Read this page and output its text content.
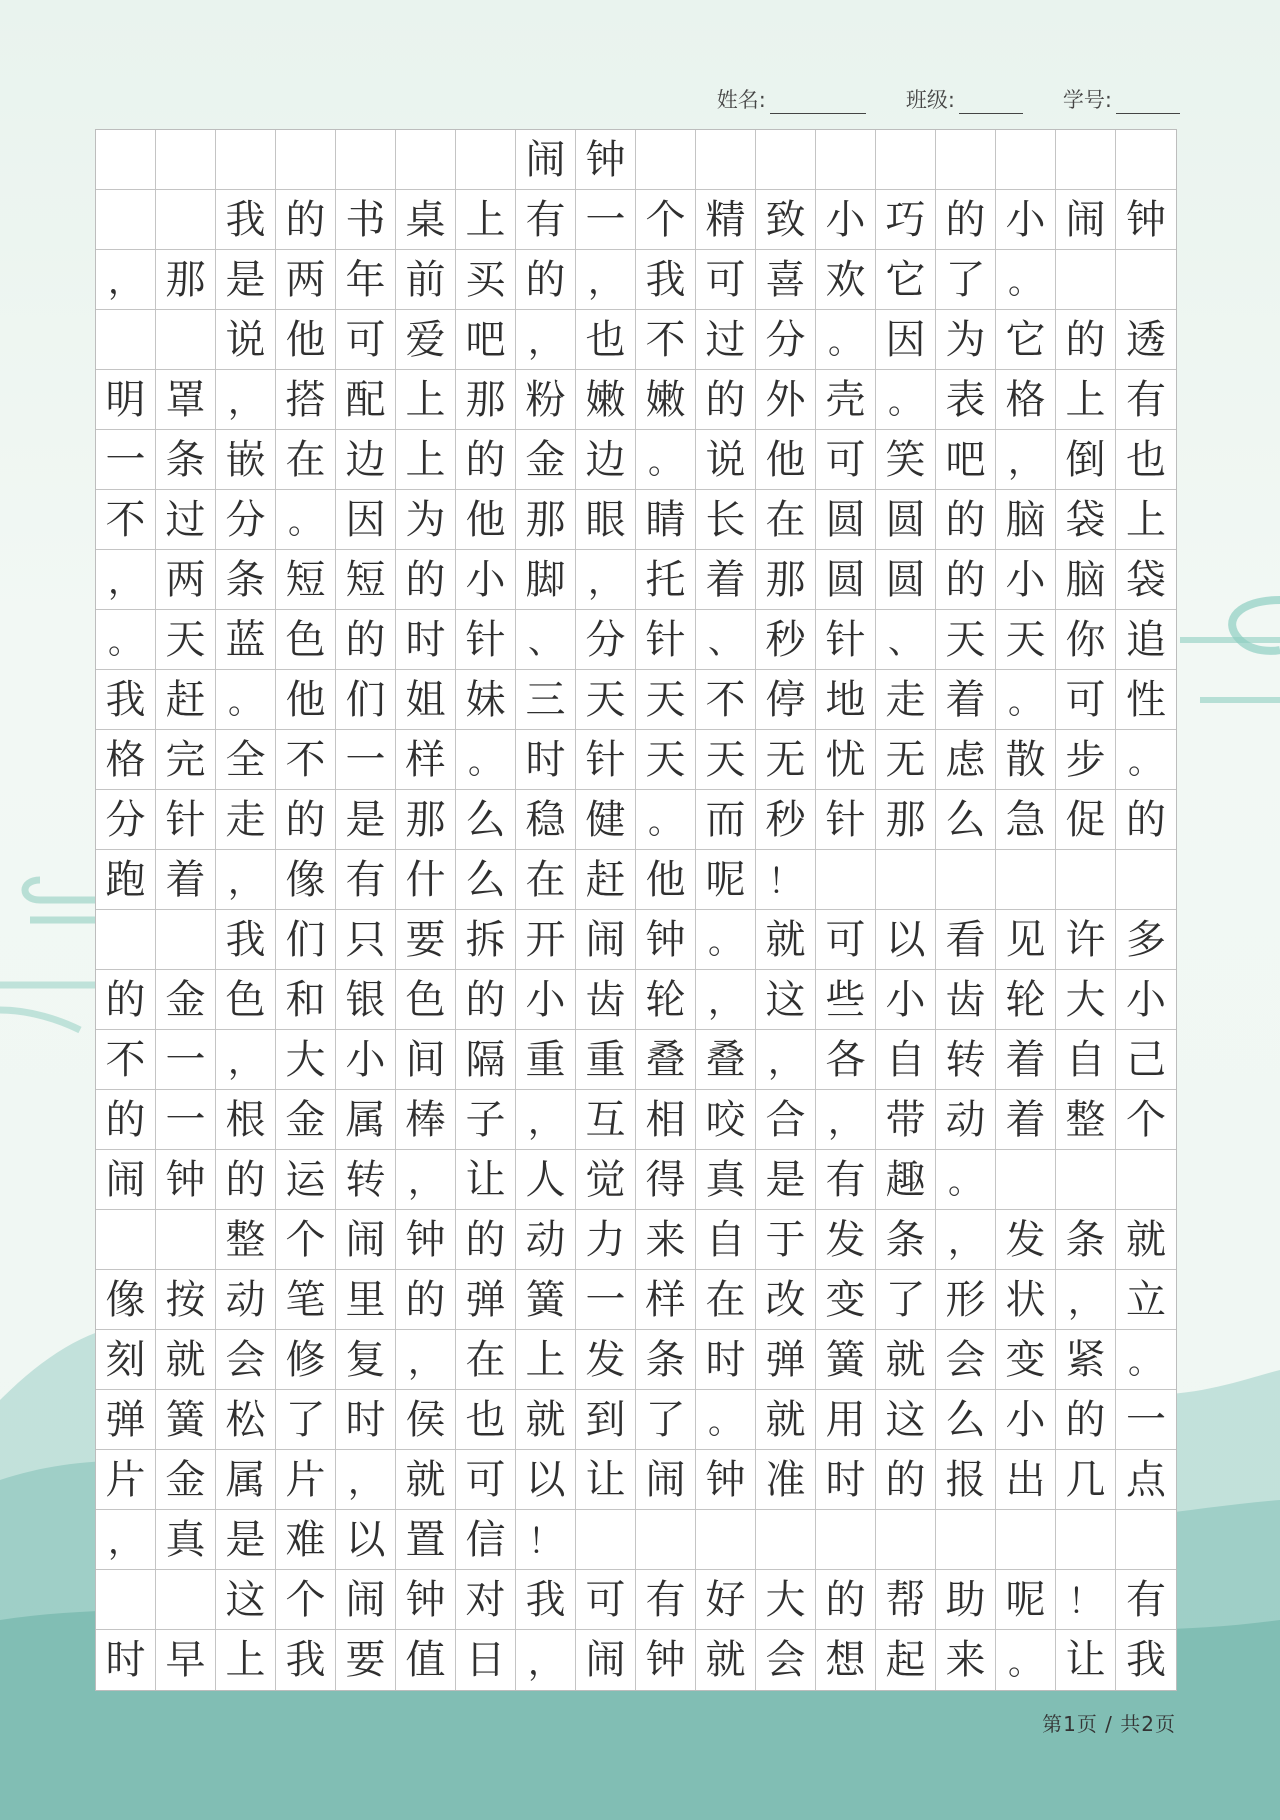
姓名:	班级:	学号:
闹 钟
我 的 书 桌 上 有 一 个 精 致 小 巧 的 小 闹 钟
， 那 是 两 年 前 买 的 ， 我 可 喜 欢 它 了 。
说 他 可 爱 吧 ， 也 不 过 分 。 因 为 它 的 透
明 罩 ， 搭 配 上 那 粉 嫩 嫩 的 外 壳 。 表 格 上 有
一 条 嵌 在 边 上 的 金 边 。 说 他 可 笑 吧 ， 倒 也
不 过 分 。 因 为 他 那 眼 睛 长 在 圆 圆 的 脑 袋 上
， 两 条 短 短 的 小 脚 ， 托 着 那 圆 圆 的 小 脑 袋
。 天 蓝 色 的 时 针 、 分 针 、 秒 针 、 天 天 你 追
我 赶 。 他 们 姐 妹 三 天 天 不 停 地 走 着 。 可 性
格 完 全 不 一 样 。 时 针 天 天 无 忧 无 虑 散 步 。
分 针 走 的 是 那 么 稳 健 。 而 秒 针 那 么 急 促 的
跑 着 ， 像 有 什 么 在 赶 他 呢 ！
我 们 只 要 拆 开 闹 钟 。 就 可 以 看 见 许 多
的 金 色 和 银 色 的 小 齿 轮 ， 这 些 小 齿 轮 大 小
不 一 ， 大 小 间 隔 重 重 叠 叠 ， 各 自 转 着 自 己
的 一 根 金 属 棒 子 ， 互 相 咬 合 ， 带 动 着 整 个
闹 钟 的 运 转 ， 让 人 觉 得 真 是 有 趣 。
整 个 闹 钟 的 动 力 来 自 于 发 条 ， 发 条 就
像 按 动 笔 里 的 弹 簧 一 样 在 改 变 了 形 状 ， 立
刻 就 会 修 复 ， 在 上 发 条 时 弹 簧 就 会 变 紧 。
弹 簧 松 了 时 侯 也 就 到 了 。 就 用 这 么 小 的 一
片 金 属 片 ， 就 可 以 让 闹 钟 准 时 的 报 出 几 点
， 真 是 难 以 置 信 ！
这 个 闹 钟 对 我 可 有 好 大 的 帮 助 呢 ！ 有
时 早 上 我 要 值 日 ， 闹 钟 就 会 想 起 来 。 让 我
第1页 / 共2页
